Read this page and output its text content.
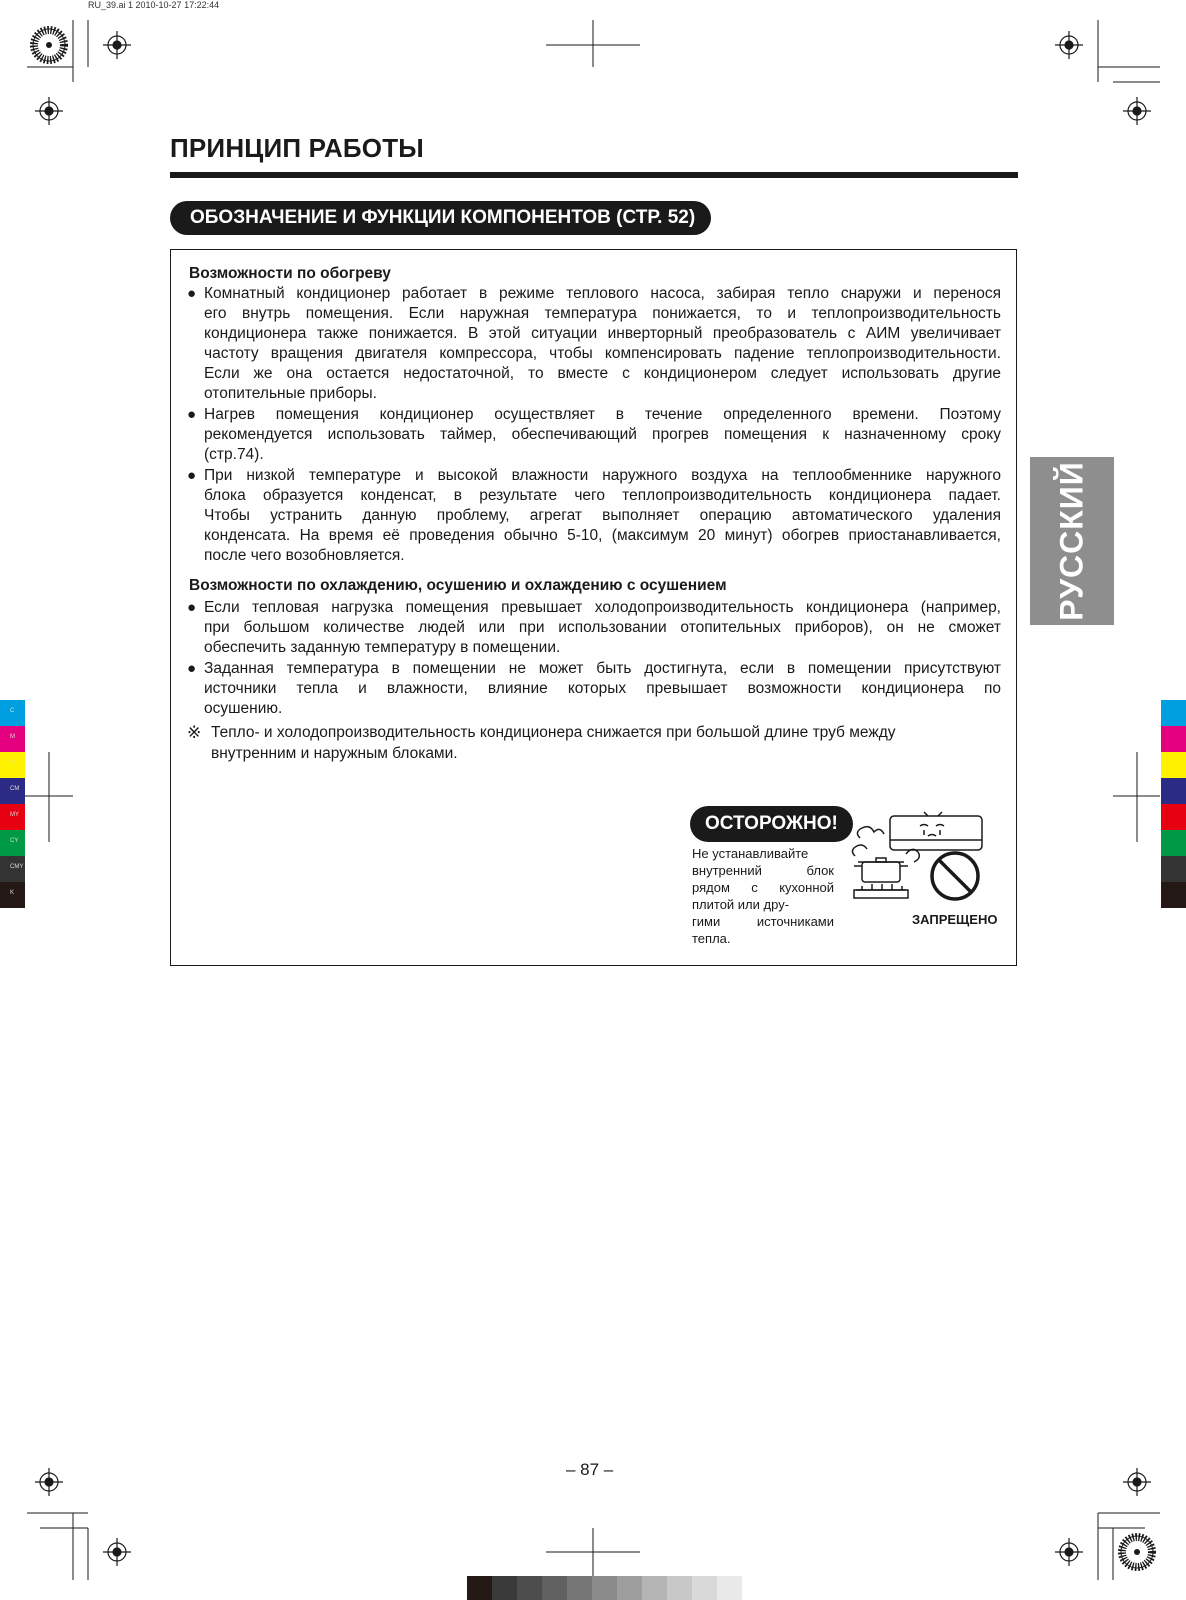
RU_39.ai 1 2010-10-27 17:22:44
ПРИНЦИП РАБОТЫ
ОБОЗНАЧЕНИЕ И ФУНКЦИИ КОМПОНЕНТОВ (СТР. 52)
Возможности по обогреву
● Комнатный кондиционер работает в режиме теплового насоса, забирая тепло снаружи и переноcя
его внутрь помещения. Если наружная температура понижается, то и теплопроизводительность
кондиционера также понижается. В этой ситуации инверторный преобразователь с АИМ увеличивает
частоту вращения двигателя компрессора, чтобы компенсировать падение теплопроизводительности.
Если же она остается недостаточной, то вместе с кондиционером следует использовать другие
отопительные приборы.
● Нагрев помещения кондиционер осуществляет в течение определенного времени. Поэтому
рекомендуется использовать таймер, обеспечивающий прогрев помещения к назначенному сроку
(стр.74).
● При низкой температуре и высокой влажности наружного воздуха на теплообменнике наружного
блока образуется конденсат, в результате чего теплопроизводительность кондиционера падает.
Чтобы устранить данную проблему, агрегат выполняет операцию автоматического удаления
конденсата. На время её проведения обычно 5-10, (максимум 20 минут) обогрев приостанавливается,
после чего возобновляется.
Возможности по охлаждению, осушению и охлаждению с осушением
● Если тепловая нагрузка помещения превышает холодопроизводительность кондиционера (например,
при большом количестве людей или при использовании отопительных приборов), он не сможет
обеспечить заданную температуру в помещении.
● Заданная температура в помещении не может быть достигнута, если в помещении присутствуют
источники тепла и влажности, влияние которых превышает возможности кондиционера по
осушению.
※ Тепло- и холодопроизводительность кондиционера снижается при большой длине труб между
внутренним и наружным блоками.
ОСТОРОЖНО!
Не устанавливайте
внутренний блок
рядом с кухонной
плитой или дру-
гими источниками
тепла.
ЗАПРЕЩЕНО
РУССКИЙ
– 87 –
C
M
Y
CM
MY
CY
CMY
K
